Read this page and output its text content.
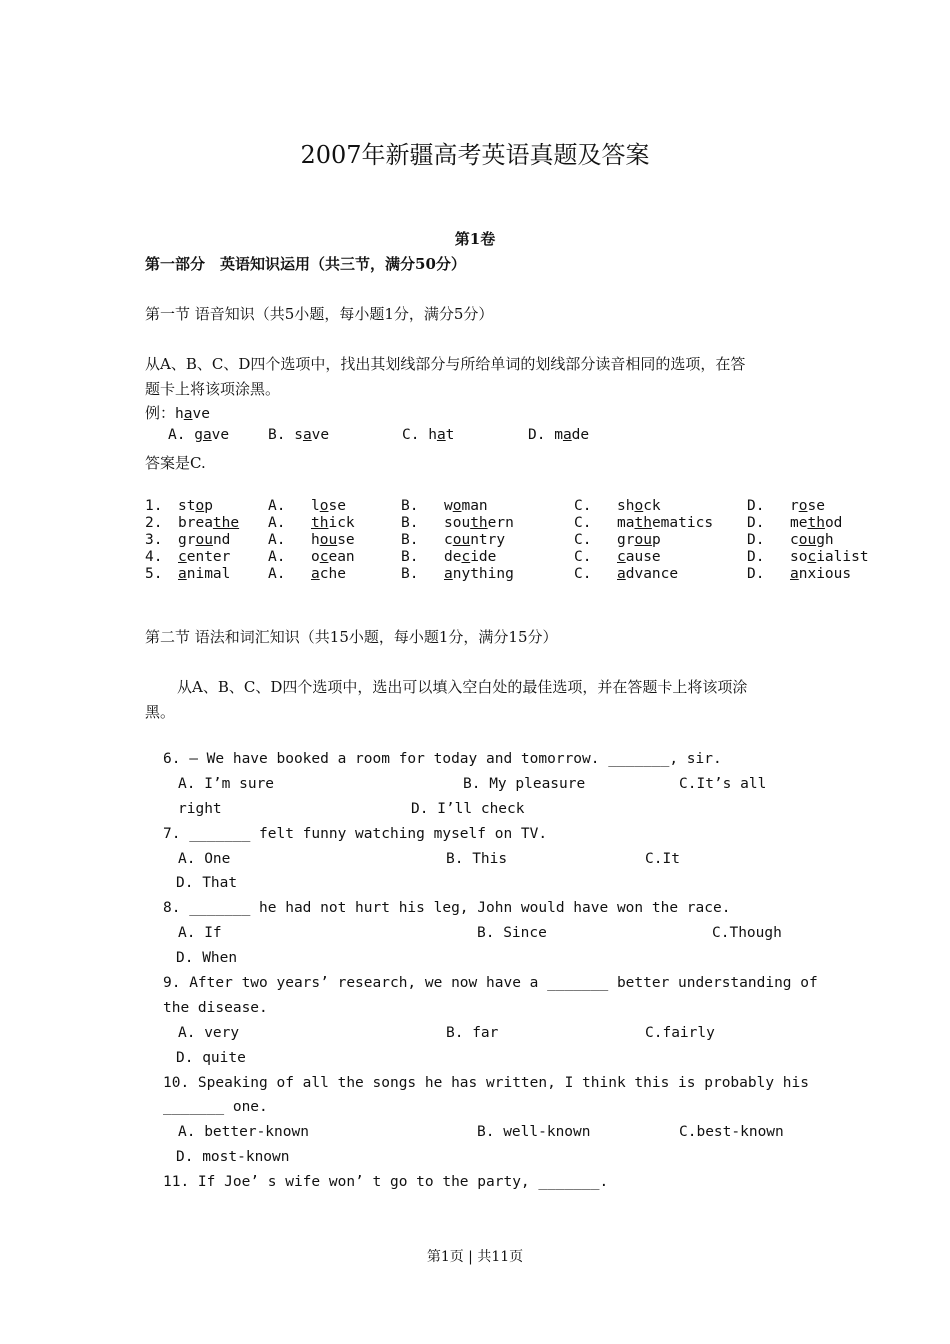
2007年新疆高考英语真题及答案
第1卷
第一部分　英语知识运用（共三节，满分50分）
第一节 语音知识（共5小题，每小题1分，满分5分）
从A、B、C、D四个选项中，找出其划线部分与所给单词的划线部分读音相同的选项，在答
题卡上将该项涂黑。
例：have
A. gave	B. save	C. hat	D. made
答案是C.
1.	stop	A.	lose	B.	woman	C.	shock	D.	rose
2.	breathe	A.	thick	B.	southern	C.	mathematics	D.	method
3.	ground	A.	house	B.	country	C.	group	D.	cough
4.	center	A.	ocean	B.	decide	C.	cause	D.	socialist
5.	animal	A.	ache	B.	anything	C.	advance	D.	anxious
第二节 语法和词汇知识（共15小题，每小题1分，满分15分）
从A、B、C、D四个选项中，选出可以填入空白处的最佳选项，并在答题卡上将该项涂
黑。
6. — We have booked a room for today and tomorrow. _______, sir.
A. I’m sure	B. My pleasure	C.It’s all
right	D. I’ll check
7. _______ felt funny watching myself on TV.
A. One	B. This	C.It
D. That
8. _______ he had not hurt his leg, John would have won the race.
A. If	B. Since	C.Though
D. When
9. After two years’ research, we now have a _______ better understanding of
the disease.
A. very	B. far	C.fairly
D. quite
10. Speaking of all the songs he has written, I think this is probably his
_______ one.
A. better-known	B. well-known	C.best-known
D. most-known
11. If Joe’ s wife won’ t go to the party, _______.
第1页 | 共11页
